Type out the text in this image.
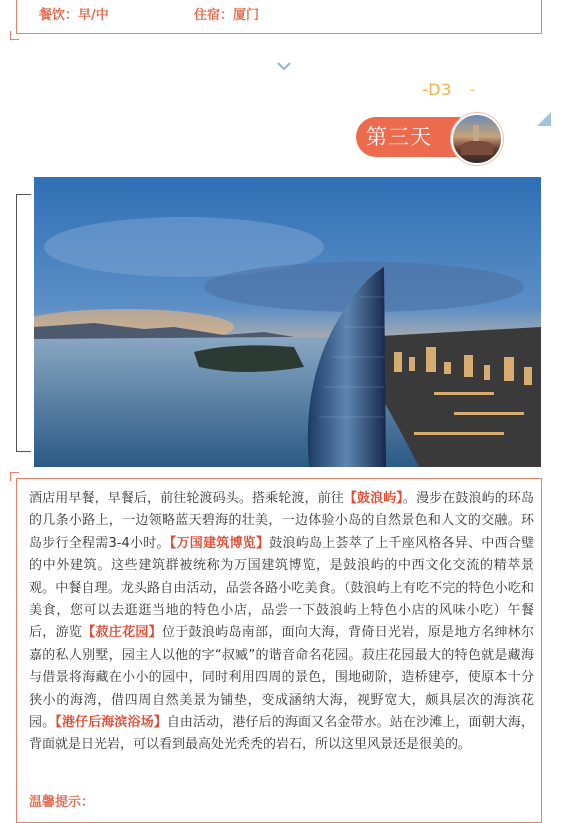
餐饮：早/中	住宿：厦门
-D3 -
第三天
酒店用早餐，早餐后，前往轮渡码头。搭乘轮渡，前往【鼓浪屿】。漫步在鼓浪屿的环岛的几条小路上，一边领略蓝天碧海的壮美，一边体验小岛的自然景色和人文的交融。环岛步行全程需3-4小时。【万国建筑博览】鼓浪屿岛上荟萃了上千座风格各异、中西合璧的中外建筑。这些建筑群被统称为万国建筑博览，是鼓浪屿的中西文化交流的精萃景观。中餐自理。龙头路自由活动，品尝各路小吃美食。（鼓浪屿上有吃不完的特色小吃和美食，您可以去逛逛当地的特色小店，品尝一下鼓浪屿上特色小店的风味小吃）午餐后，游览【菽庄花园】位于鼓浪屿岛南部，面向大海，背倚日光岩，原是地方名绅林尔嘉的私人别墅，园主人以他的字“叔臧”的谐音命名花园。菽庄花园最大的特色就是藏海与借景将海藏在小小的园中，同时利用四周的景色，围地砌阶，造桥建亭，使原本十分狭小的海湾，借四周自然美景为铺垫，变成涵纳大海，视野宽大，颇具层次的海滨花园。【港仔后海滨浴场】自由活动，港仔后的海面又名金带水。站在沙滩上，面朝大海，背面就是日光岩，可以看到最高处光秃秃的岩石，所以这里风景还是很美的。
温馨提示：
